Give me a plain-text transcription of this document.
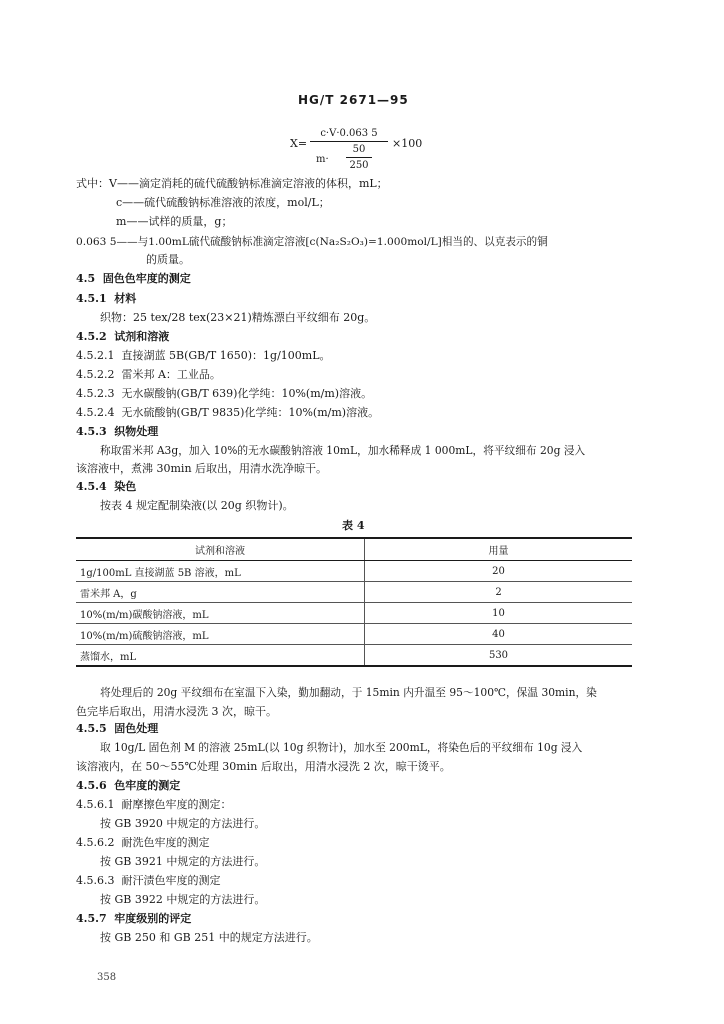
HG/T 2671—95
X=
c·V·0.063 5
m·
50
250
×100
式中：V——滴定消耗的硫代硫酸钠标准滴定溶液的体积，mL；
c——硫代硫酸钠标准溶液的浓度，mol/L；
m——试样的质量，g；
0.063 5——与1.00mL硫代硫酸钠标准滴定溶液[c(Na₂S₂O₃)=1.000mol/L]相当的、以克表示的铜
的质量。
4.5 固色色牢度的测定
4.5.1 材料
织物：25 tex/28 tex(23×21)精炼漂白平纹细布 20g。
4.5.2 试剂和溶液
4.5.2.1 直接湖蓝 5B(GB/T 1650)：1g/100mL。
4.5.2.2 雷米邦 A：工业品。
4.5.2.3 无水碳酸钠(GB/T 639)化学纯：10%(m/m)溶液。
4.5.2.4 无水硫酸钠(GB/T 9835)化学纯：10%(m/m)溶液。
4.5.3 织物处理
称取雷米邦 A3g，加入 10%的无水碳酸钠溶液 10mL，加水稀释成 1 000mL，将平纹细布 20g 浸入
该溶液中，煮沸 30min 后取出，用清水洗净晾干。
4.5.4 染色
按表 4 规定配制染液(以 20g 织物计)。
表 4
试剂和溶液	用量
1g/100mL 直接湖蓝 5B 溶液，mL	20
雷米邦 A，g	2
10%(m/m)碳酸钠溶液，mL	10
10%(m/m)硫酸钠溶液，mL	40
蒸馏水，mL	530
将处理后的 20g 平纹细布在室温下入染，勤加翻动，于 15min 内升温至 95～100℃，保温 30min，染
色完毕后取出，用清水浸洗 3 次，晾干。
4.5.5 固色处理
取 10g/L 固色剂 M 的溶液 25mL(以 10g 织物计)，加水至 200mL，将染色后的平纹细布 10g 浸入
该溶液内，在 50～55℃处理 30min 后取出，用清水浸洗 2 次，晾干烫平。
4.5.6 色牢度的测定
4.5.6.1 耐摩擦色牢度的测定：
按 GB 3920 中规定的方法进行。
4.5.6.2 耐洗色牢度的测定
按 GB 3921 中规定的方法进行。
4.5.6.3 耐汗渍色牢度的测定
按 GB 3922 中规定的方法进行。
4.5.7 牢度级别的评定
按 GB 250 和 GB 251 中的规定方法进行。
358
